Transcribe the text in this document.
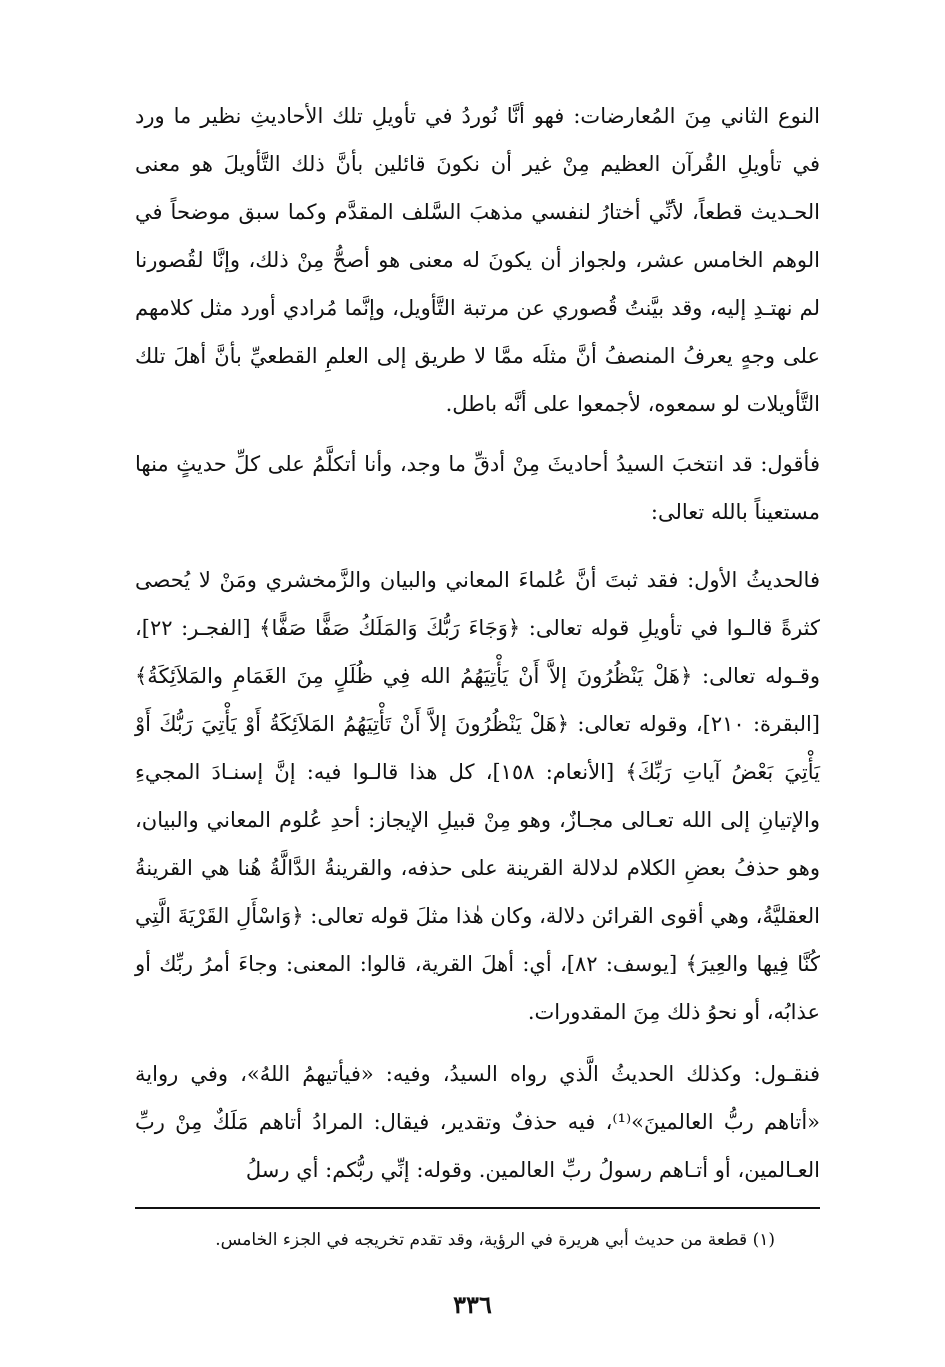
النوع الثاني مِنَ المُعارضات: فهو أنَّا نُوردُ في تأويلِ تلك الأحاديثِ نظير ما ورد في تأويلِ القُرآن العظيم مِنْ غير أن نكونَ قائلين بأنَّ ذلك التَّأويلَ هو معنى الحـديث قطعاً، لأنِّي أختارُ لنفسي مذهبَ السَّلف المقدَّم وكما سبق موضحاً في الوهم الخامس عشر، ولجواز أن يكونَ له معنى هو أصحُّ مِنْ ذلك، وإنَّا لقُصورنا لم نهتـدِ إليه، وقد بيَّنتُ قُصوري عن مرتبة التَّأويل، وإنَّما مُرادي أورد مثل كلامهم على وجهٍ يعرفُ المنصفُ أنَّ مثلَه ممَّا لا طريق إلى العلمِ القطعيِّ بأنَّ أهلَ تلك التَّأويلات لو سمعوه، لأجمعوا على أنَّه باطل.

فأقول: قد انتخبَ السيدُ أحاديثَ مِنْ أدقِّ ما وجد، وأنا أتكلَّمُ على كلِّ حديثٍ منها مستعيناً بالله تعالى:

فالحديثُ الأول: فقد ثبتَ أنَّ عُلماءَ المعاني والبيان والزَّمخشري ومَنْ لا يُحصى كثرةً قالـوا في تأويلِ قوله تعالى: ﴿وَجَاءَ رَبُّكَ وَالمَلَكُ صَفًّا صَفًّا﴾ [الفجـر: ٢٢]، وقـوله تعالى: ﴿هَلْ يَنْظُرُونَ إلاَّ أَنْ يَأْتِيَهُمُ الله فِي ظُلَلٍ مِنَ الغَمَامِ والمَلاَئِكَةُ﴾ [البقرة: ٢١٠]، وقوله تعالى: ﴿هَلْ يَنْظُرُونَ إلاَّ أَنْ تَأْتِيَهُمُ المَلاَئِكَةُ أَوْ يَأْتِيَ رَبُّكَ أَوْ يَأْتِيَ بَعْضُ آياتِ رَبِّكَ﴾ [الأنعام: ١٥٨]، كل هذا قالـوا فيه: إنَّ إسنـادَ المجيءِ والإتيانِ إلى الله تعـالى مجـازٌ، وهو مِنْ قبيلِ الإيجاز: أحدِ عُلوم المعاني والبيان، وهو حذفُ بعضِ الكلام لدلالة القرينة على حذفه، والقرينةُ الدَّالَّةُ هُنا هي القرينةُ العقليَّةُ، وهي أقوى القرائن دلالة، وكان هٰذا مثلَ قوله تعالى: ﴿وَاسْأَلِ القَرْيَةَ الَّتِي كُنَّا فِيها والعِيرَ﴾ [يوسف: ٨٢]، أي: أهلَ القرية، قالوا: المعنى: وجاءَ أمرُ ربِّك أو عذابُه، أو نحوُ ذلك مِنَ المقدورات.

فنقـول: وكذلك الحديثُ الَّذي رواه السيدُ، وفيه: «فيأتيهمُ اللهُ»، وفي رواية «أتاهم ربُّ العالمينَ»⁽¹⁾، فيه حذفٌ وتقدير، فيقال: المرادُ أتاهم مَلَكٌ مِنْ ربِّ العـالمين، أو أتـاهم رسولُ ربِّ العالمين. وقوله: إنِّي ربُّكم: أي رسلُ

(١) قطعة من حديث أبي هريرة في الرؤية، وقد تقدم تخريجه في الجزء الخامس.

٣٣٦
